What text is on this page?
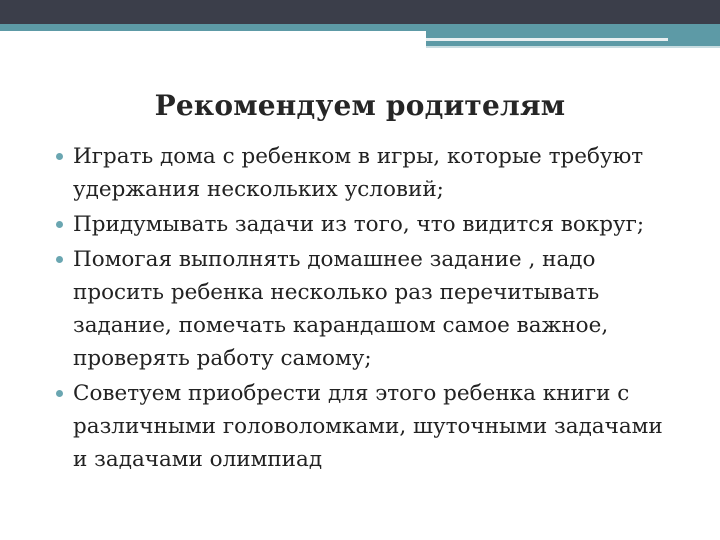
Рекомендуем родителям
Играть дома с ребенком в игры, которые требуют
удержания нескольких условий;
Придумывать задачи из того, что видится вокруг;
Помогая выполнять домашнее задание , надо
просить ребенка несколько раз перечитывать
задание, помечать карандашом самое важное,
проверять работу самому;
Советуем приобрести для этого ребенка книги с
различными головоломками, шуточными задачами
и задачами олимпиад
